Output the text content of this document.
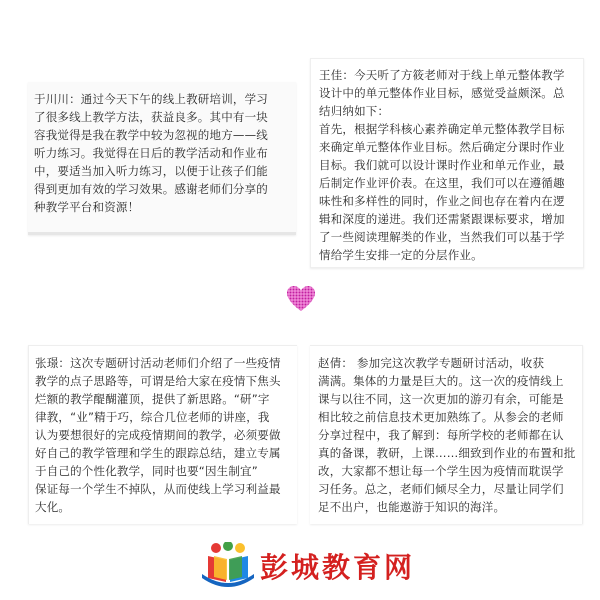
于川川：通过今天下午的线上教研培训，学习
了很多线上教学方法，获益良多。其中有一块
容我觉得是我在教学中较为忽视的地方——线
听力练习。我觉得在日后的教学活动和作业布
中，要适当加入听力练习，以便于让孩子们能
得到更加有效的学习效果。感谢老师们分享的
种教学平台和资源！
王佳：今天听了方筱老师对于线上单元整体教学
设计中的单元整体作业目标，感觉受益颇深。总
结归纳如下：
首先，根据学科核心素养确定单元整体教学目标
来确定单元整体作业目标。然后确定分课时作业
目标。我们就可以设计课时作业和单元作业，最
后制定作业评价表。在这里，我们可以在遵循趣
味性和多样性的同时，作业之间也存在着内在逻
辑和深度的递进。我们还需紧跟课标要求，增加
了一些阅读理解类的作业，当然我们可以基于学
情给学生安排一定的分层作业。
张璟：这次专题研讨活动老师们介绍了一些疫情
教学的点子思路等，可谓是给大家在疫情下焦头
烂额的教学醍醐灌顶，提供了新思路。“研”字
律教，“业”精于巧，综合几位老师的讲座，我
认为要想很好的完成疫情期间的教学，必须要做
好自己的教学管理和学生的跟踪总结，建立专属
于自己的个性化教学，同时也要“因生制宜”
保证每一个学生不掉队，从而使线上学习利益最
大化。
赵倩： 参加完这次教学专题研讨活动，收获
满满。集体的力量是巨大的。这一次的疫情线上
课与以往不同，这一次更加的游刃有余，可能是
相比较之前信息技术更加熟练了。从参会的老师
分享过程中，我了解到：每所学校的老师都在认
真的备课，教研，上课……细致到作业的布置和批
改，大家都不想让每一个学生因为疫情而耽误学
习任务。总之，老师们倾尽全力，尽量让同学们
足不出户，也能遨游于知识的海洋。
彭城教育网
